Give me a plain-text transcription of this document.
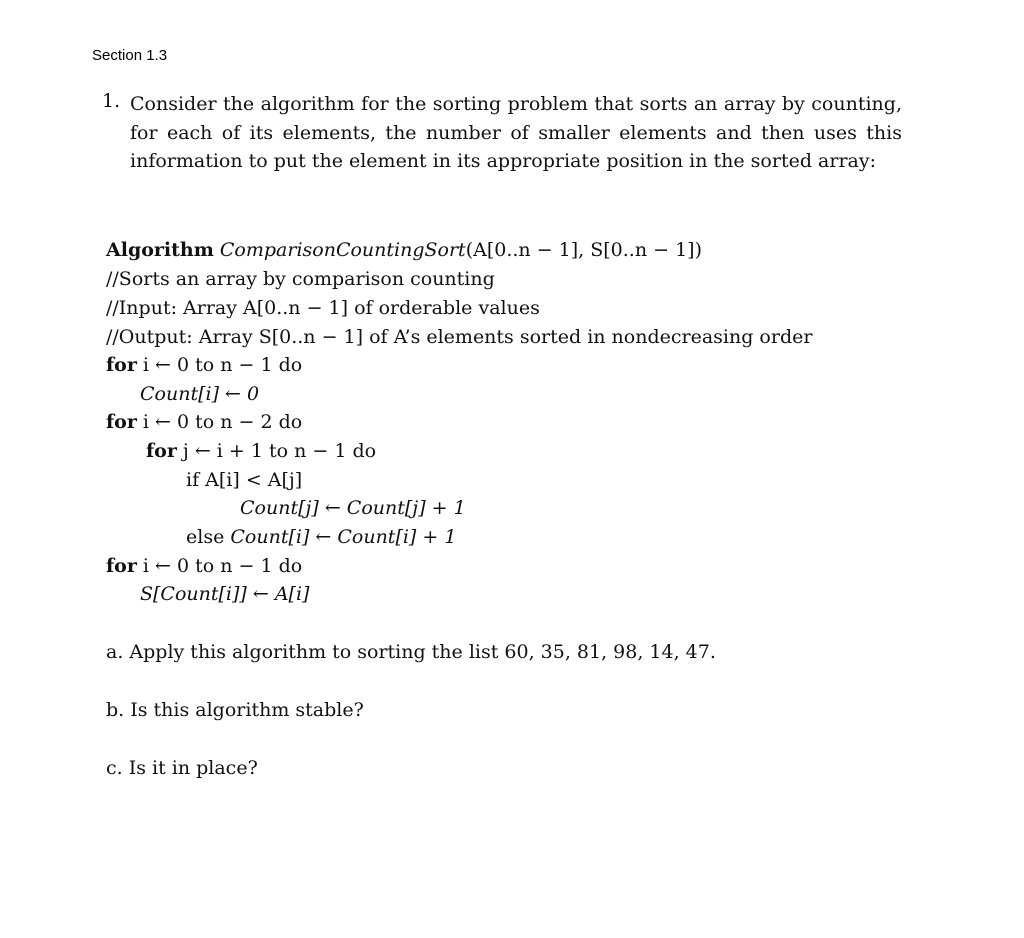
Section 1.3
1. Consider the algorithm for the sorting problem that sorts an array by counting, for each of its elements, the number of smaller elements and then uses this information to put the element in its appropriate position in the sorted array:
Algorithm ComparisonCountingSort(A[0..n − 1], S[0..n − 1])
//Sorts an array by comparison counting
//Input: Array A[0..n − 1] of orderable values
//Output: Array S[0..n − 1] of A’s elements sorted in nondecreasing order
for i ← 0 to n − 1 do
Count[i] ← 0
for i ← 0 to n − 2 do
for j ← i + 1 to n − 1 do
if A[i] < A[j]
Count[j] ← Count[j] + 1
else Count[i] ← Count[i] + 1
for i ← 0 to n − 1 do
S[Count[i]] ← A[i]
a. Apply this algorithm to sorting the list 60, 35, 81, 98, 14, 47.
b. Is this algorithm stable?
c. Is it in place?
